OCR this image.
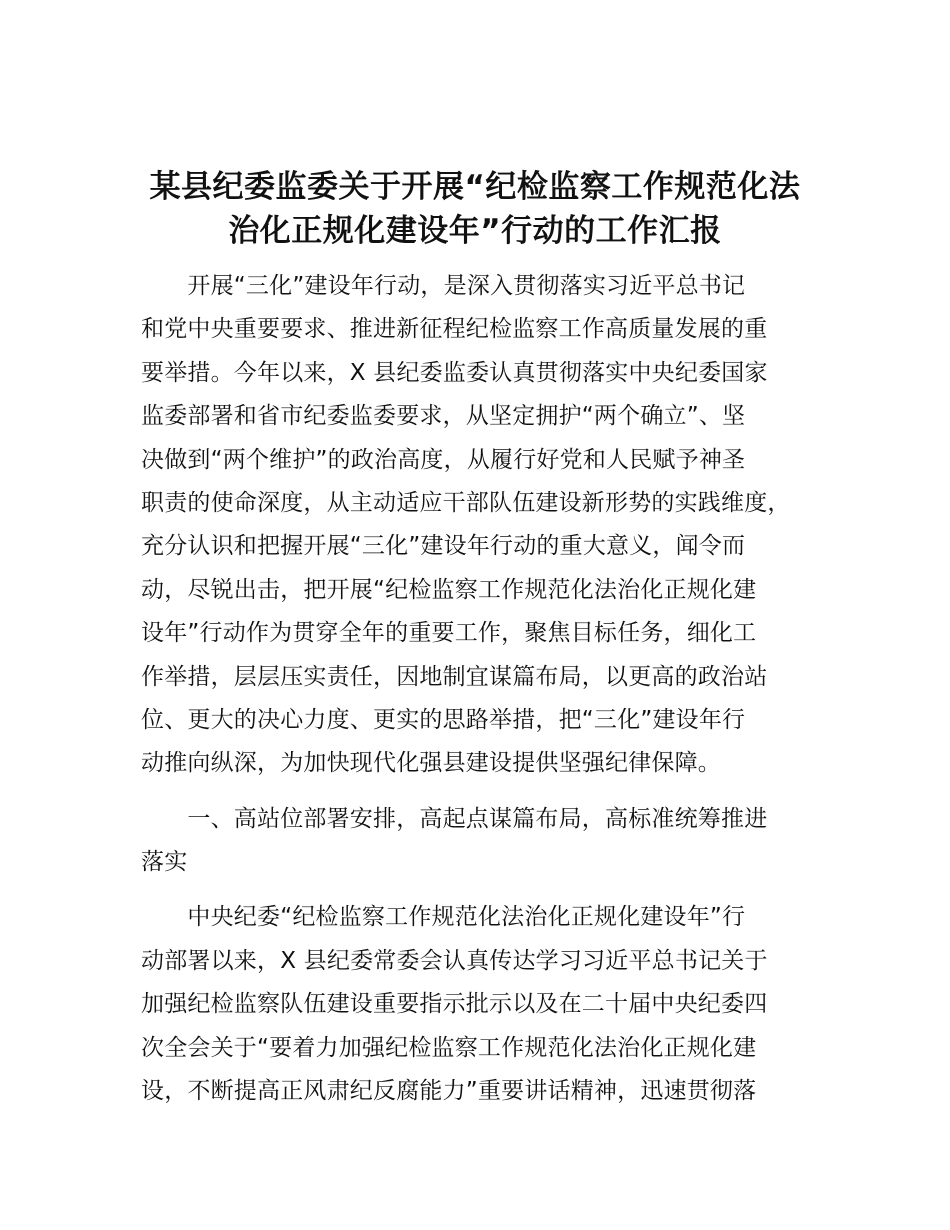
某县纪委监委关于开展“纪检监察工作规范化法
治化正规化建设年”行动的工作汇报
　　开展“三化”建设年行动，是深入贯彻落实习近平总书记
和党中央重要要求、推进新征程纪检监察工作高质量发展的重
要举措。今年以来，X 县纪委监委认真贯彻落实中央纪委国家
监委部署和省市纪委监委要求，从坚定拥护“两个确立”、坚
决做到“两个维护”的政治高度，从履行好党和人民赋予神圣
职责的使命深度，从主动适应干部队伍建设新形势的实践维度，
充分认识和把握开展“三化”建设年行动的重大意义，闻令而
动，尽锐出击，把开展“纪检监察工作规范化法治化正规化建
设年”行动作为贯穿全年的重要工作，聚焦目标任务，细化工
作举措，层层压实责任，因地制宜谋篇布局，以更高的政治站
位、更大的决心力度、更实的思路举措，把“三化”建设年行
动推向纵深，为加快现代化强县建设提供坚强纪律保障。
　　一、高站位部署安排，高起点谋篇布局，高标准统筹推进
落实
　　中央纪委“纪检监察工作规范化法治化正规化建设年”行
动部署以来，X 县纪委常委会认真传达学习习近平总书记关于
加强纪检监察队伍建设重要指示批示以及在二十届中央纪委四
次全会关于“要着力加强纪检监察工作规范化法治化正规化建
设，不断提高正风肃纪反腐能力”重要讲话精神，迅速贯彻落
